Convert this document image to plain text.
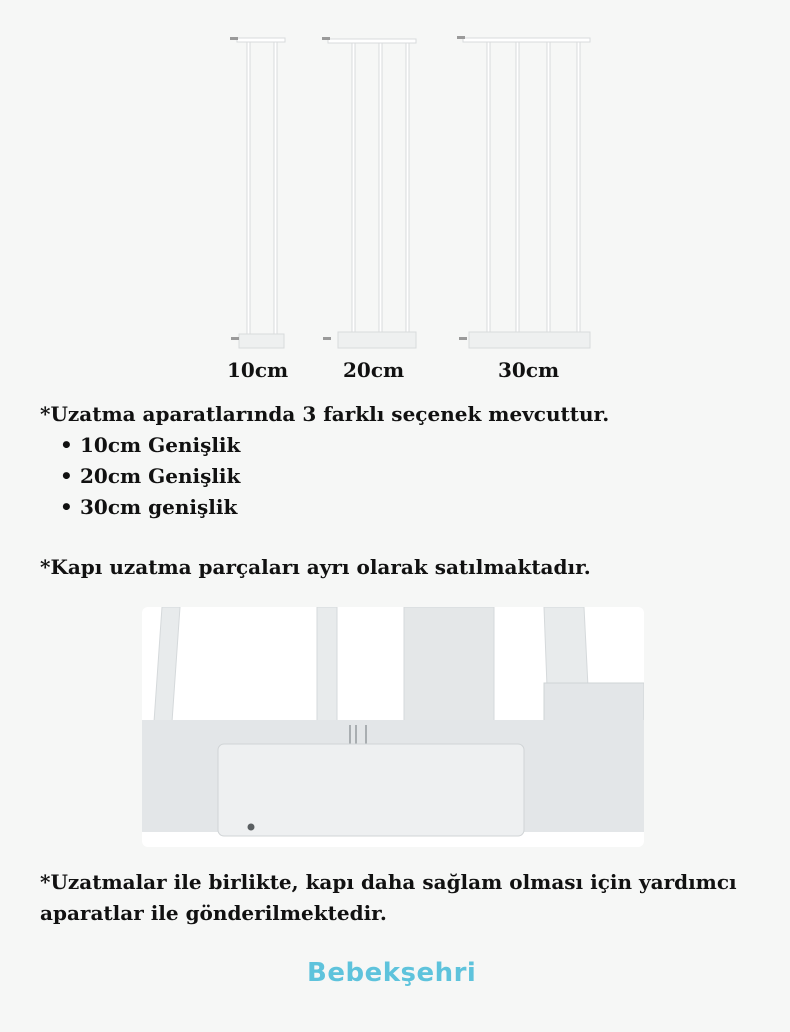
10cm	20cm	30cm
*Uzatma aparatlarında 3 farklı seçenek mevcuttur.
• 10cm Genişlik
• 20cm Genişlik
• 30cm genişlik
*Kapı uzatma parçaları ayrı olarak satılmaktadır.
*Uzatmalar ile birlikte, kapı daha sağlam olması için yardımcı aparatlar ile gönderilmektedir.
Bebekşehri
